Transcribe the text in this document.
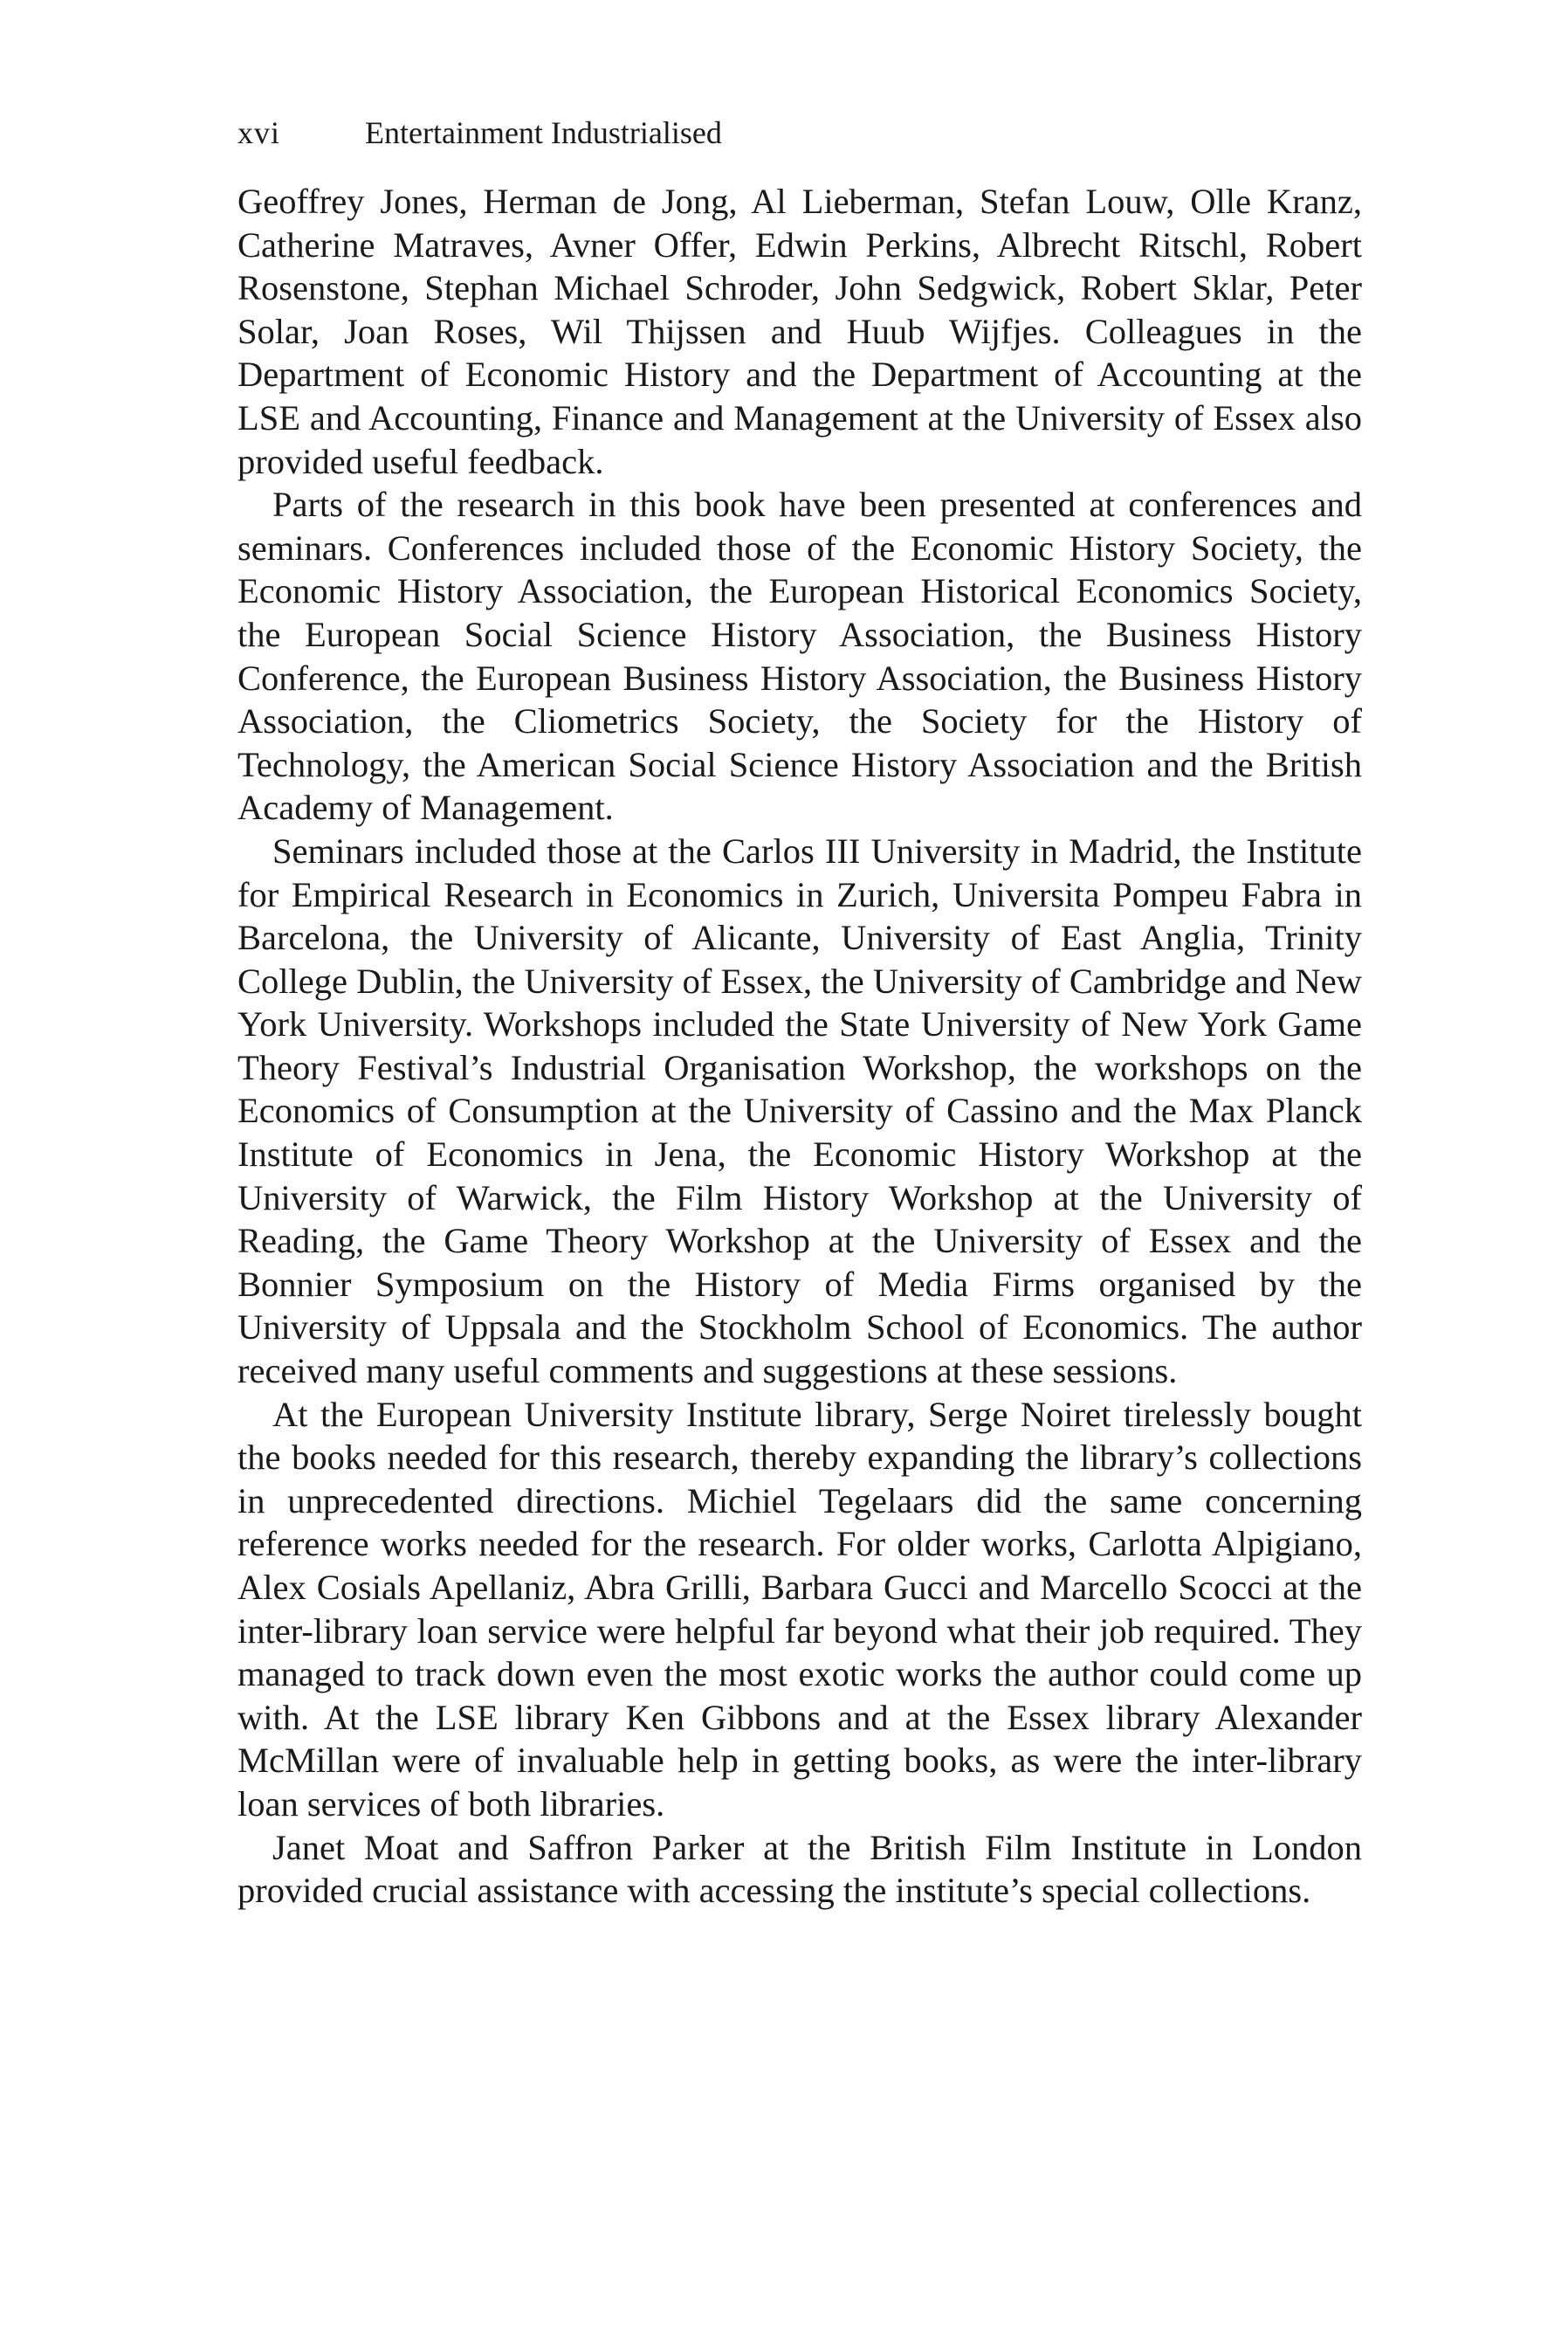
xvi	Entertainment Industrialised

Geoffrey Jones, Herman de Jong, Al Lieberman, Stefan Louw, Olle Kranz, Catherine Matraves, Avner Offer, Edwin Perkins, Albrecht Ritschl, Robert Rosenstone, Stephan Michael Schroder, John Sedgwick, Robert Sklar, Peter Solar, Joan Roses, Wil Thijssen and Huub Wijfjes. Colleagues in the Department of Economic History and the Department of Accounting at the LSE and Accounting, Finance and Management at the University of Essex also provided useful feedback.

Parts of the research in this book have been presented at conferences and seminars. Conferences included those of the Economic History Society, the Economic History Association, the European Historical Economics Society, the European Social Science History Association, the Business History Conference, the European Business History Association, the Business History Association, the Cliometrics Society, the Society for the History of Technology, the American Social Science History Association and the British Academy of Management.

Seminars included those at the Carlos III University in Madrid, the Institute for Empirical Research in Economics in Zurich, Universita Pompeu Fabra in Barcelona, the University of Alicante, University of East Anglia, Trinity College Dublin, the University of Essex, the University of Cambridge and New York University. Workshops included the State University of New York Game Theory Festival’s Industrial Organisation Workshop, the workshops on the Economics of Consumption at the University of Cassino and the Max Planck Institute of Economics in Jena, the Economic History Workshop at the University of Warwick, the Film History Workshop at the University of Reading, the Game Theory Workshop at the University of Essex and the Bonnier Symposium on the History of Media Firms organised by the University of Uppsala and the Stockholm School of Economics. The author received many useful comments and suggestions at these sessions.

At the European University Institute library, Serge Noiret tirelessly bought the books needed for this research, thereby expanding the library’s collections in unprecedented directions. Michiel Tegelaars did the same concerning reference works needed for the research. For older works, Carlotta Alpigiano, Alex Cosials Apellaniz, Abra Grilli, Barbara Gucci and Marcello Scocci at the inter-library loan service were helpful far beyond what their job required. They managed to track down even the most exotic works the author could come up with. At the LSE library Ken Gibbons and at the Essex library Alexander McMillan were of invaluable help in getting books, as were the inter-library loan services of both libraries.

Janet Moat and Saffron Parker at the British Film Institute in London provided crucial assistance with accessing the institute’s special collections.
